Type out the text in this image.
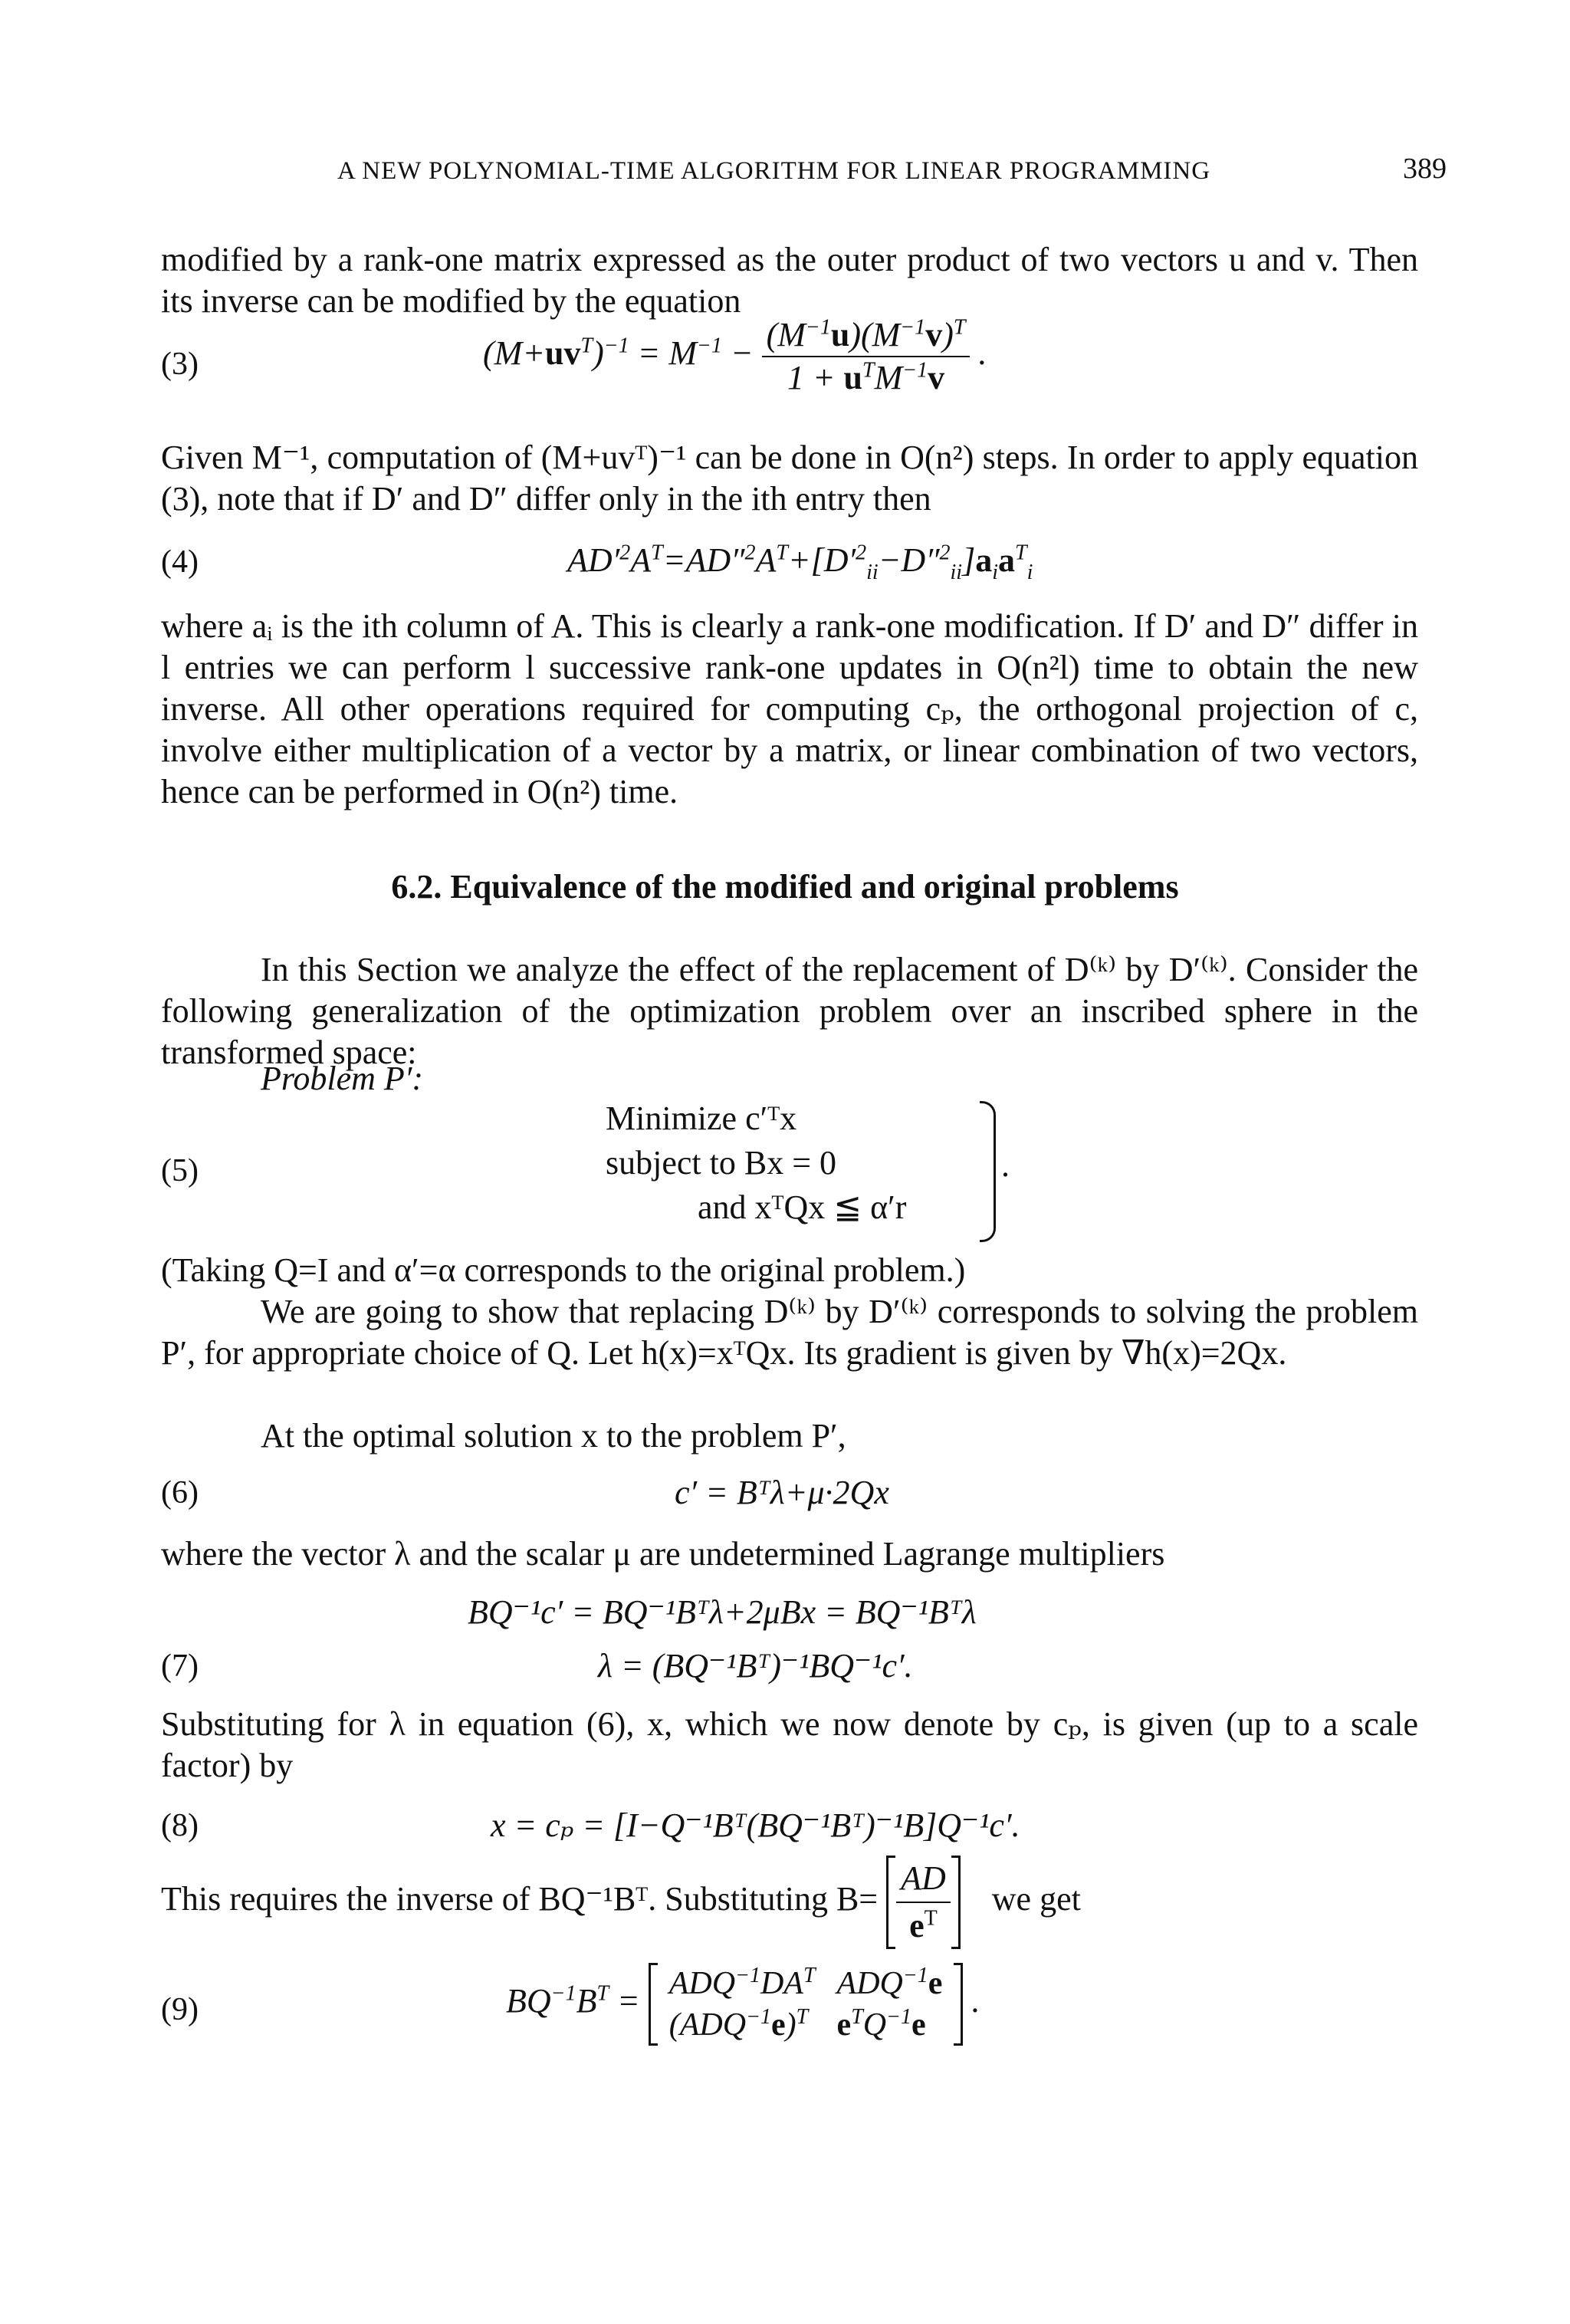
A NEW POLYNOMIAL-TIME ALGORITHM FOR LINEAR PROGRAMMING	389

modified by a rank-one matrix expressed as the outer product of two vectors u and v. Then its inverse can be modified by the equation

(3)	$(M+uv^T)^{-1} = M^{-1} - \frac{(M^{-1}u)(M^{-1}v)^T}{1 + u^TM^{-1}v}$ .

Given M⁻¹, computation of (M+uvᵀ)⁻¹ can be done in O(n²) steps. In order to apply equation (3), note that if D′ and D″ differ only in the ith entry then

(4)	$AD'^2A^T=AD''^2A^T+[D'^2_{ii}-D''^2_{ii}]a_ia^T_i$

where aᵢ is the ith column of A. This is clearly a rank-one modification. If D′ and D″ differ in l entries we can perform l successive rank-one updates in O(n²l) time to obtain the new inverse. All other operations required for computing cₚ, the orthogonal projection of c, involve either multiplication of a vector by a matrix, or linear combination of two vectors, hence can be performed in O(n²) time.

6.2. Equivalence of the modified and original problems

In this Section we analyze the effect of the replacement of D⁽ᵏ⁾ by D′⁽ᵏ⁾. Consider the following generalization of the optimization problem over an inscribed sphere in the transformed space:

Problem P′:
(5)
Minimize c′ᵀx
subject to Bx = 0
and xᵀQx ≦ α′r
.

(Taking Q=I and α′=α corresponds to the original problem.)

We are going to show that replacing D⁽ᵏ⁾ by D′⁽ᵏ⁾ corresponds to solving the problem P′, for appropriate choice of Q. Let h(x)=xᵀQx. Its gradient is given by ∇h(x)=2Qx.

At the optimal solution x to the problem P′,

(6)	c′ = Bᵀλ+μ·2Qx

where the vector λ and the scalar μ are undetermined Lagrange multipliers

BQ⁻¹c′ = BQ⁻¹Bᵀλ+2μBx = BQ⁻¹Bᵀλ
(7)	λ = (BQ⁻¹Bᵀ)⁻¹BQ⁻¹c′.

Substituting for λ in equation (6), x, which we now denote by cₚ, is given (up to a scale factor) by

(8)	x = cₚ = [I−Q⁻¹Bᵀ(BQ⁻¹Bᵀ)⁻¹B]Q⁻¹c′.
This requires the inverse of BQ⁻¹Bᵀ. Substituting $B= \frac{AD}{e^T}$ we get
(9)	$BQ^{-1}B^T = ADQ^{-1}DA^T$	$ADQ^{-1}e$
$(ADQ^{-1}e)^T$	$e^TQ^{-1}e$ .
